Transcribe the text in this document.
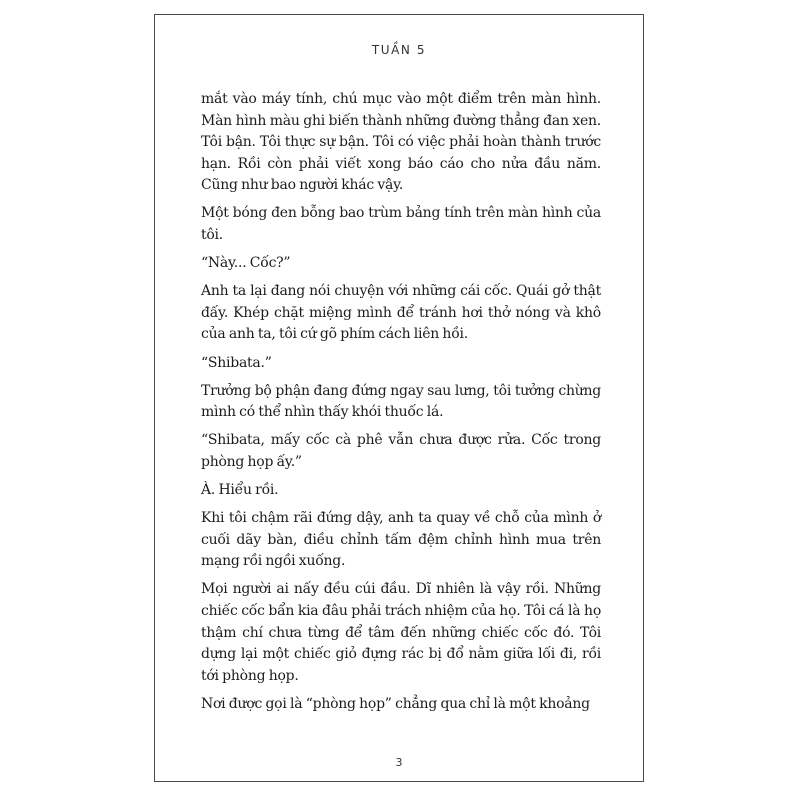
TUẦN 5

mắt vào máy tính, chú mục vào một điểm trên màn hình. Màn hình màu ghi biến thành những đường thẳng đan xen. Tôi bận. Tôi thực sự bận. Tôi có việc phải hoàn thành trước hạn. Rồi còn phải viết xong báo cáo cho nửa đầu năm. Cũng như bao người khác vậy.

Một bóng đen bỗng bao trùm bảng tính trên màn hình của tôi.

“Này... Cốc?”

Anh ta lại đang nói chuyện với những cái cốc. Quái gở thật đấy. Khép chặt miệng mình để tránh hơi thở nóng và khô của anh ta, tôi cứ gõ phím cách liên hồi.

“Shibata.”

Trưởng bộ phận đang đứng ngay sau lưng, tôi tưởng chừng mình có thể nhìn thấy khói thuốc lá.

“Shibata, mấy cốc cà phê vẫn chưa được rửa. Cốc trong phòng họp ấy.”

À. Hiểu rồi.

Khi tôi chậm rãi đứng dậy, anh ta quay về chỗ của mình ở cuối dãy bàn, điều chỉnh tấm đệm chỉnh hình mua trên mạng rồi ngồi xuống.

Mọi người ai nấy đều cúi đầu. Dĩ nhiên là vậy rồi. Những chiếc cốc bẩn kia đâu phải trách nhiệm của họ. Tôi cá là họ thậm chí chưa từng để tâm đến những chiếc cốc đó. Tôi dựng lại một chiếc giỏ đựng rác bị đổ nằm giữa lối đi, rồi tới phòng họp.

Nơi được gọi là “phòng họp” chẳng qua chỉ là một khoảng

3
